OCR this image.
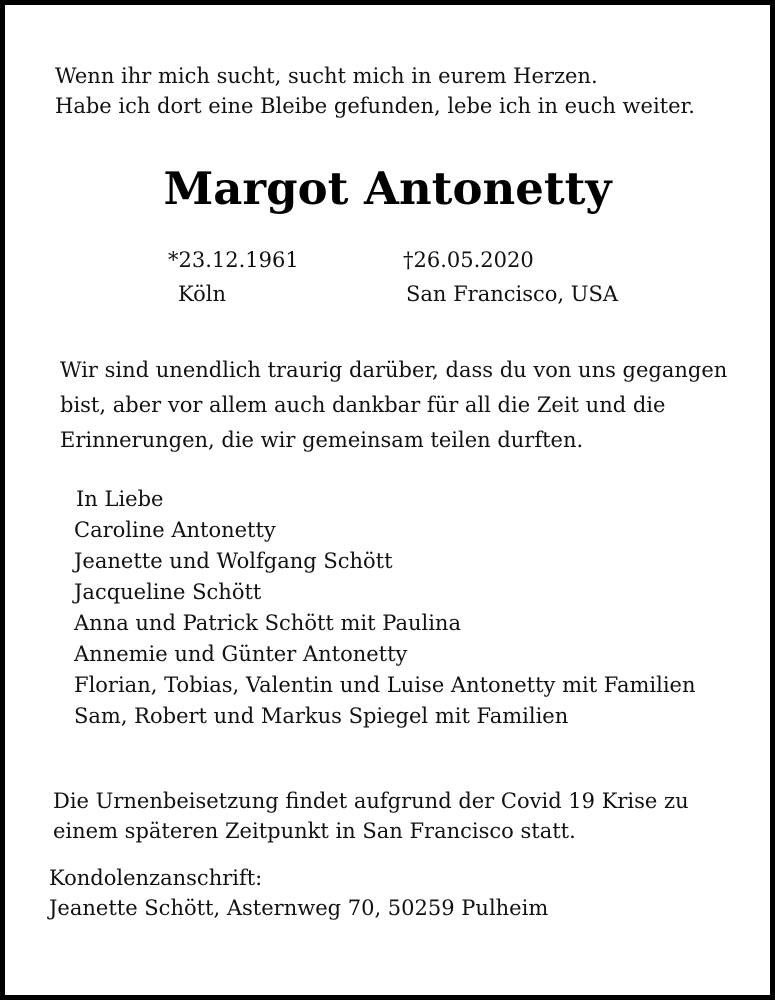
Wenn ihr mich sucht, sucht mich in eurem Herzen.
Habe ich dort eine Bleibe gefunden, lebe ich in euch weiter.
Margot Antonetty
*23.12.1961
Köln
†26.05.2020
San Francisco, USA
Wir sind unendlich traurig darüber, dass du von uns gegangen
bist, aber vor allem auch dankbar für all die Zeit und die
Erinnerungen, die wir gemeinsam teilen durften.
In Liebe
Caroline Antonetty
Jeanette und Wolfgang Schött
Jacqueline Schött
Anna und Patrick Schött mit Paulina
Annemie und Günter Antonetty
Florian, Tobias, Valentin und Luise Antonetty mit Familien
Sam, Robert und Markus Spiegel mit Familien
Die Urnenbeisetzung findet aufgrund der Covid 19 Krise zu
einem späteren Zeitpunkt in San Francisco statt.
Kondolenzanschrift:
Jeanette Schött, Asternweg 70, 50259 Pulheim
